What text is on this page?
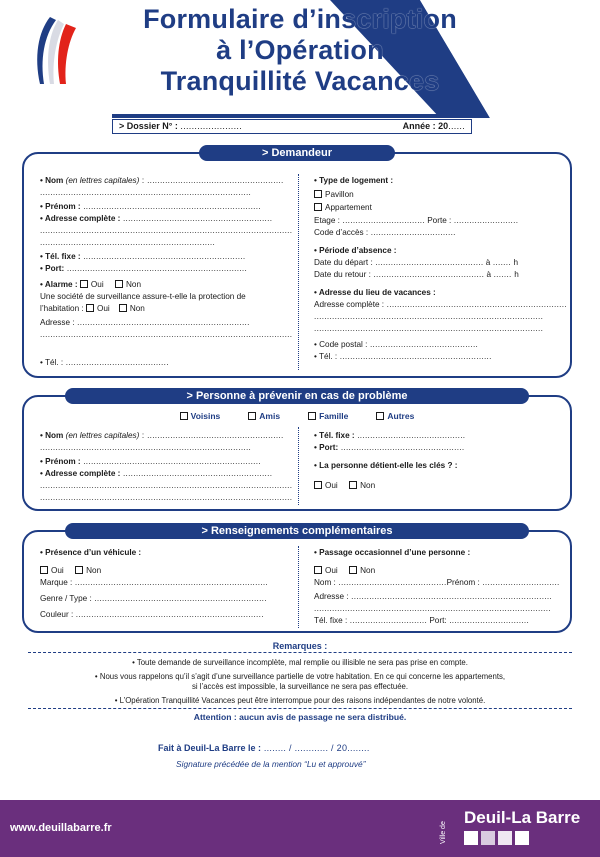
Formulaire d’inscription
à l’Opération
Tranquillité Vacances
> Dossier N° : ......................	Année : 20......
> Demandeur
• Nom (en lettres capitales) : .....................................................
..................................................................................
• Prénom : .....................................................................
• Adresse complète : ..........................................................
..................................................................................................
....................................................................
• Tél. fixe : ...............................................................
• Port: ......................................................................
• Alarme : Oui	Non
Une société de surveillance assure-t-elle la protection de
l’habitation : Oui Non
Adresse : ...................................................................
..................................................................................................
• Tél. : ........................................
• Type de logement :
Pavillon
Appartement
Etage : ................................ Porte : .........................
Code d’accès : .................................
• Période d’absence :
Date du départ : .......................................... à ....... h
Date du retour : ........................................... à ....... h
• Adresse du lieu de vacances :
Adresse complète : ......................................................................
.........................................................................................
.........................................................................................
• Code postal : ..........................................
• Tél. : ...........................................................
> Personne à prévenir en cas de problème
Voisins	Amis	Famille	Autres
• Nom (en lettres capitales) : .....................................................
..................................................................................
• Prénom : .....................................................................
• Adresse complète : ..........................................................
..................................................................................................
..................................................................................................
• Tél. fixe : ..........................................
• Port: ................................................
• La personne détient-elle les clés ? :
Oui	Non
> Renseignements complémentaires
• Présence d’un véhicule :
Oui	Non
Marque : ...........................................................................
Genre / Type : ...................................................................
Couleur : .........................................................................
• Passage occasionnel d’une personne :
Oui	Non
Nom : ..........................................Prénom : ..............................
Adresse : ..............................................................................
............................................................................................
Tél. fixe : .............................. Port: ...............................
Remarques :
• Toute demande de surveillance incomplète, mal remplie ou illisible ne sera pas prise en compte.
• Nous vous rappelons qu’il s’agit d’une surveillance partielle de votre habitation. En ce qui concerne les appartements,
si l’accès est impossible, la surveillance ne sera pas effectuée.
• L’Opération Tranquillité Vacances peut être interrompue pour des raisons indépendantes de notre volonté.
Attention : aucun avis de passage ne sera distribué.
Fait à Deuil-La Barre le : ........ / ............ / 20........
Signature précédée de la mention “Lu et approuvé”
www.deuillabarre.fr	Ville de
Deuil-La Barre
